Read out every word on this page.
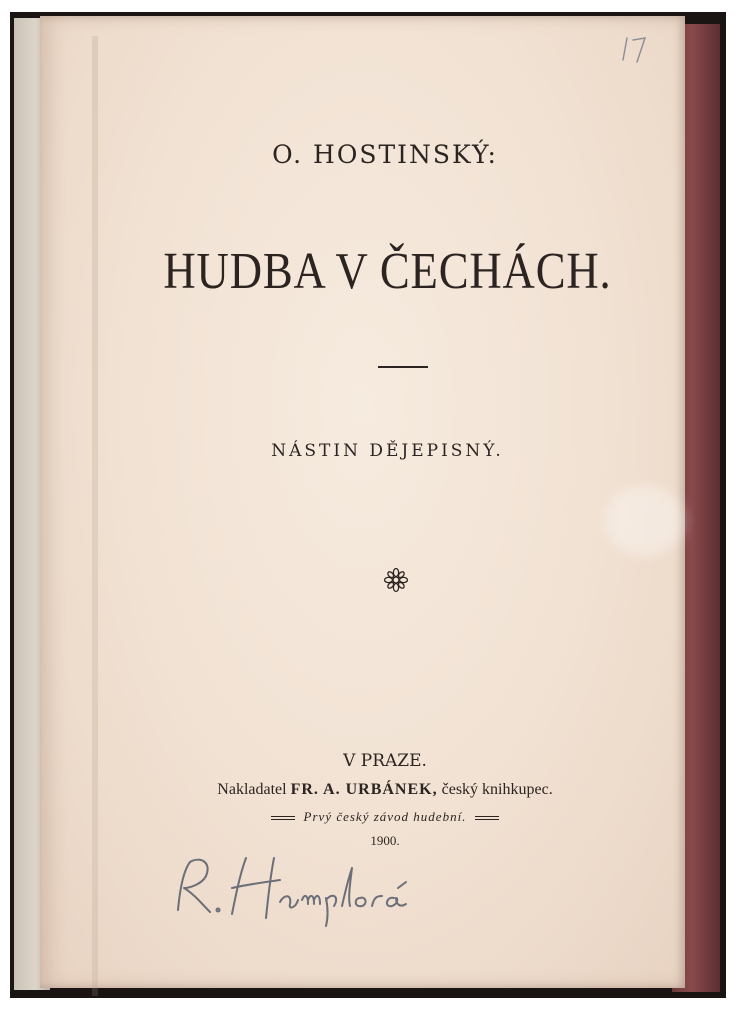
O. HOSTINSKÝ:
HUDBA V ČECHÁCH.
NÁSTIN DĚJEPISNÝ.
V PRAZE.
Nakladatel FR. A. URBÁNEK, český knihkupec.
Prvý český závod hudební.
1900.
